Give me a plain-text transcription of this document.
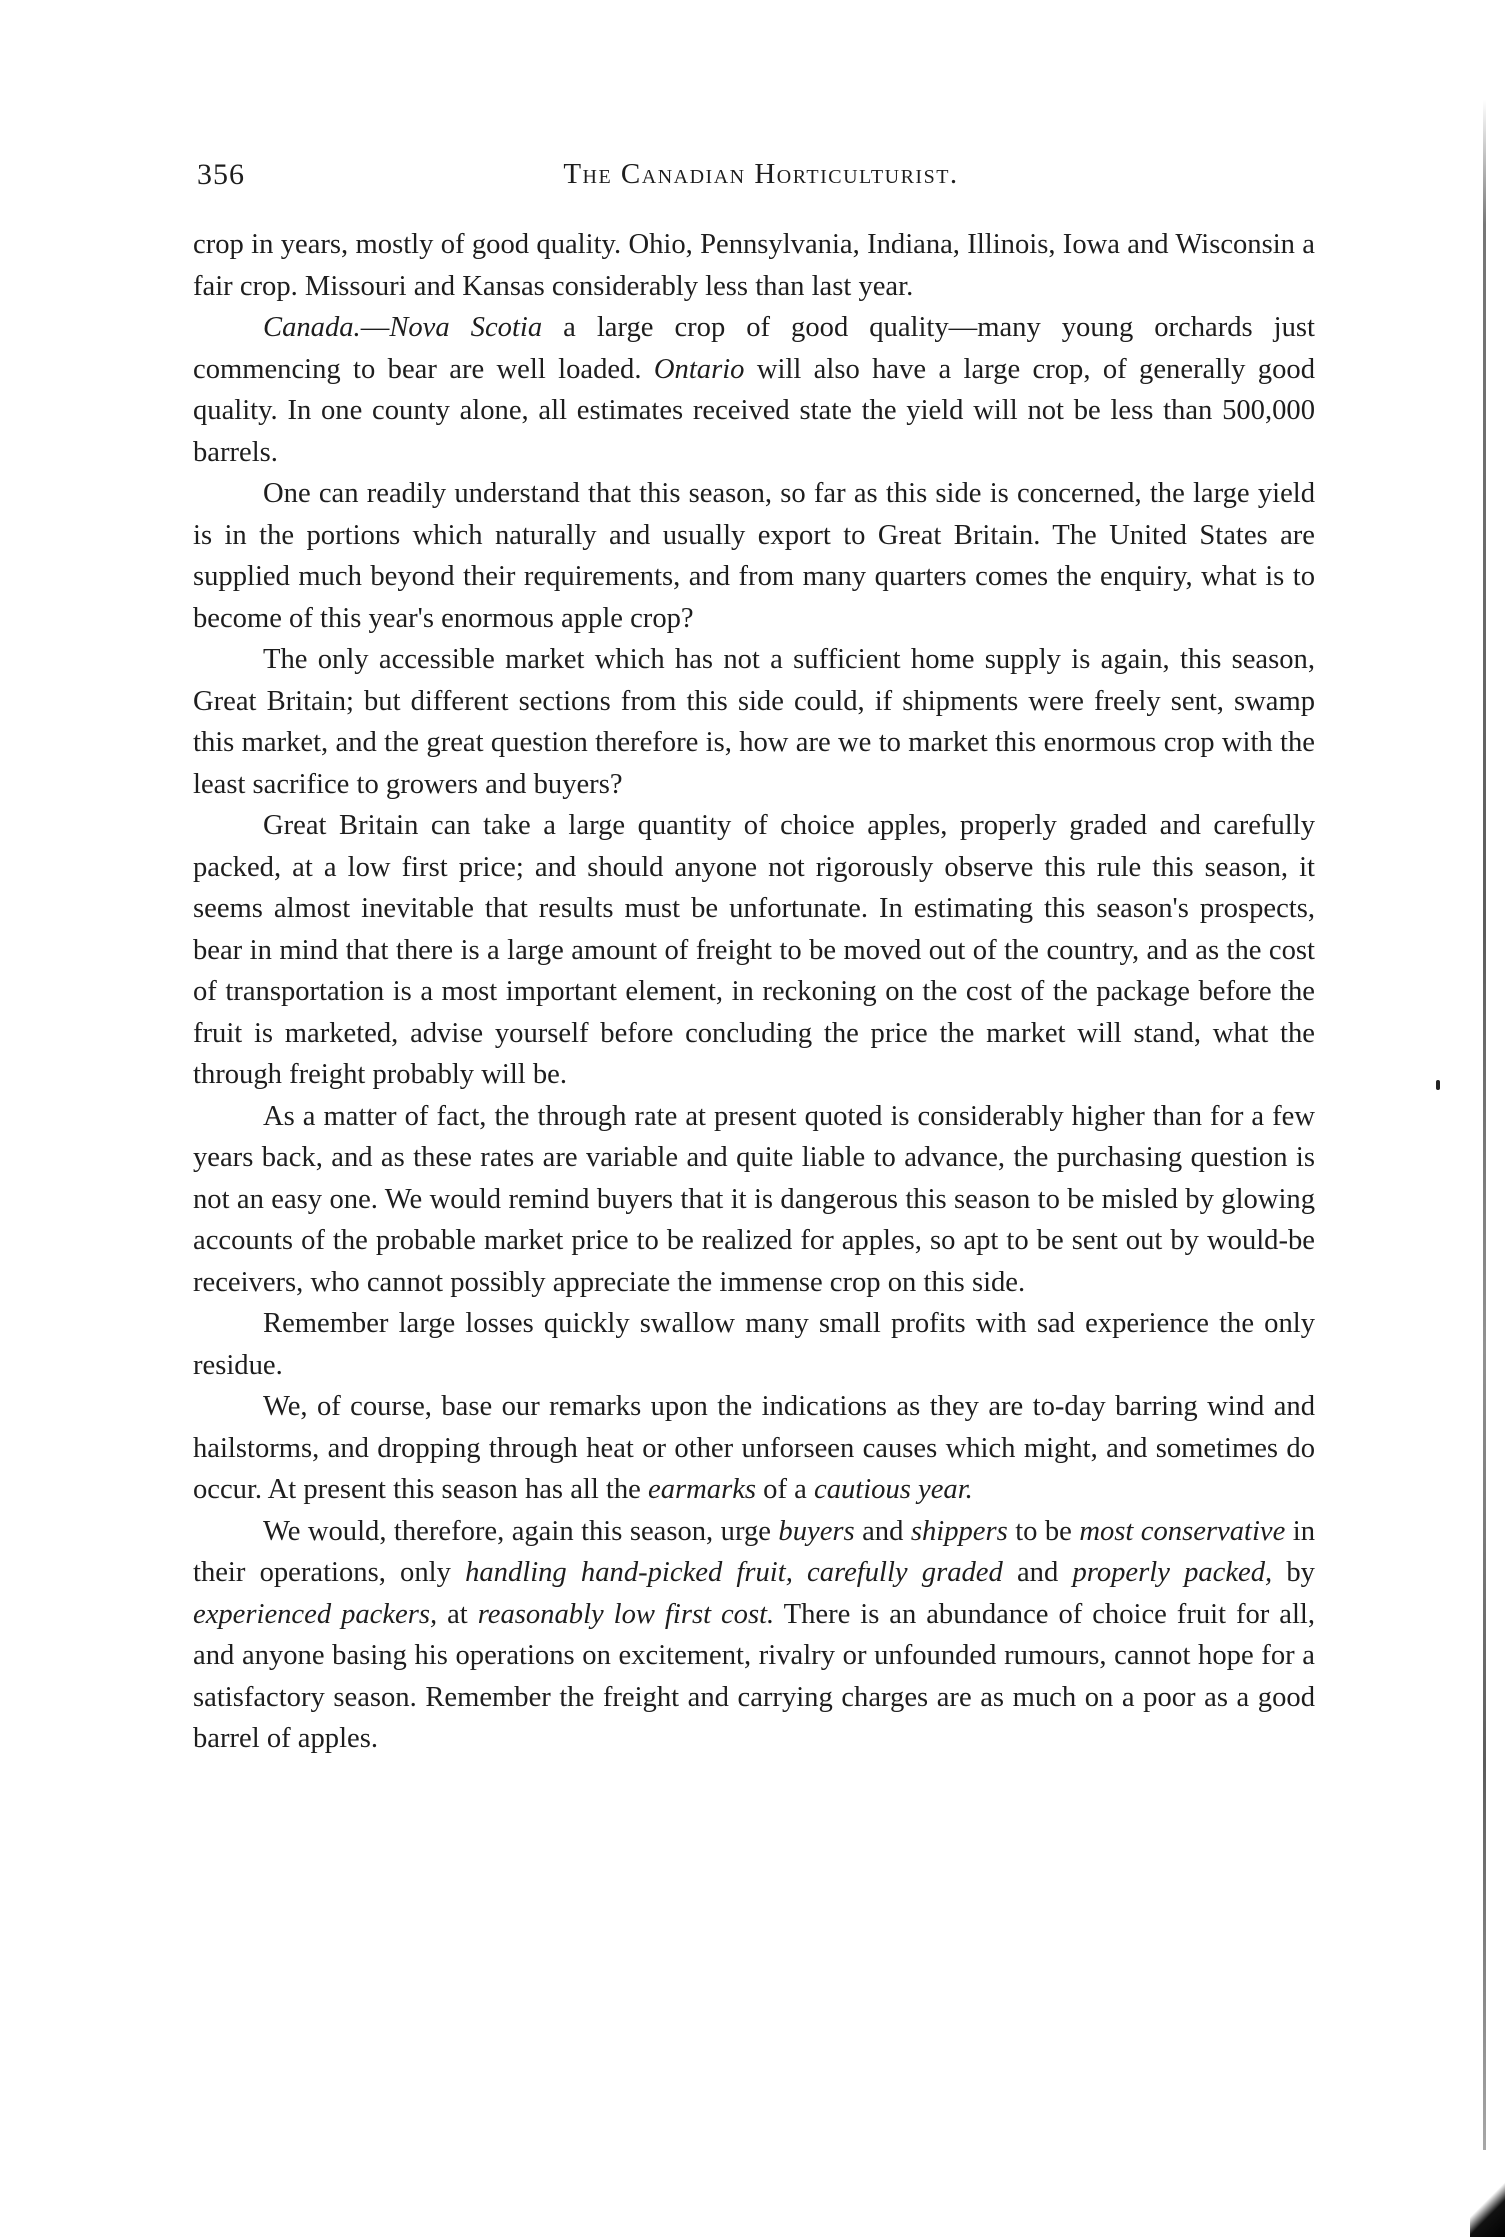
356	The Canadian Horticulturist.

crop in years, mostly of good quality. Ohio, Pennsylvania, Indiana, Illinois, Iowa and Wisconsin a fair crop. Missouri and Kansas considerably less than last year.

Canada.—Nova Scotia a large crop of good quality—many young orchards just commencing to bear are well loaded. Ontario will also have a large crop, of generally good quality. In one county alone, all estimates received state the yield will not be less than 500,000 barrels.

One can readily understand that this season, so far as this side is concerned, the large yield is in the portions which naturally and usually export to Great Britain. The United States are supplied much beyond their requirements, and from many quarters comes the enquiry, what is to become of this year's enormous apple crop?

The only accessible market which has not a sufficient home supply is again, this season, Great Britain; but different sections from this side could, if shipments were freely sent, swamp this market, and the great question therefore is, how are we to market this enormous crop with the least sacrifice to growers and buyers?

Great Britain can take a large quantity of choice apples, properly graded and carefully packed, at a low first price; and should anyone not rigorously observe this rule this season, it seems almost inevitable that results must be unfortunate. In estimating this season's prospects, bear in mind that there is a large amount of freight to be moved out of the country, and as the cost of transportation is a most important element, in reckoning on the cost of the package before the fruit is marketed, advise yourself before concluding the price the market will stand, what the through freight probably will be.

As a matter of fact, the through rate at present quoted is considerably higher than for a few years back, and as these rates are variable and quite liable to advance, the purchasing question is not an easy one. We would remind buyers that it is dangerous this season to be misled by glowing accounts of the probable market price to be realized for apples, so apt to be sent out by would-be receivers, who cannot possibly appreciate the immense crop on this side.

Remember large losses quickly swallow many small profits with sad experience the only residue.

We, of course, base our remarks upon the indications as they are to-day barring wind and hailstorms, and dropping through heat or other unforseen causes which might, and sometimes do occur. At present this season has all the earmarks of a cautious year.

We would, therefore, again this season, urge buyers and shippers to be most conservative in their operations, only handling hand-picked fruit, carefully graded and properly packed, by experienced packers, at reasonably low first cost. There is an abundance of choice fruit for all, and anyone basing his operations on excitement, rivalry or unfounded rumours, cannot hope for a satisfactory season. Remember the freight and carrying charges are as much on a poor as a good barrel of apples.
